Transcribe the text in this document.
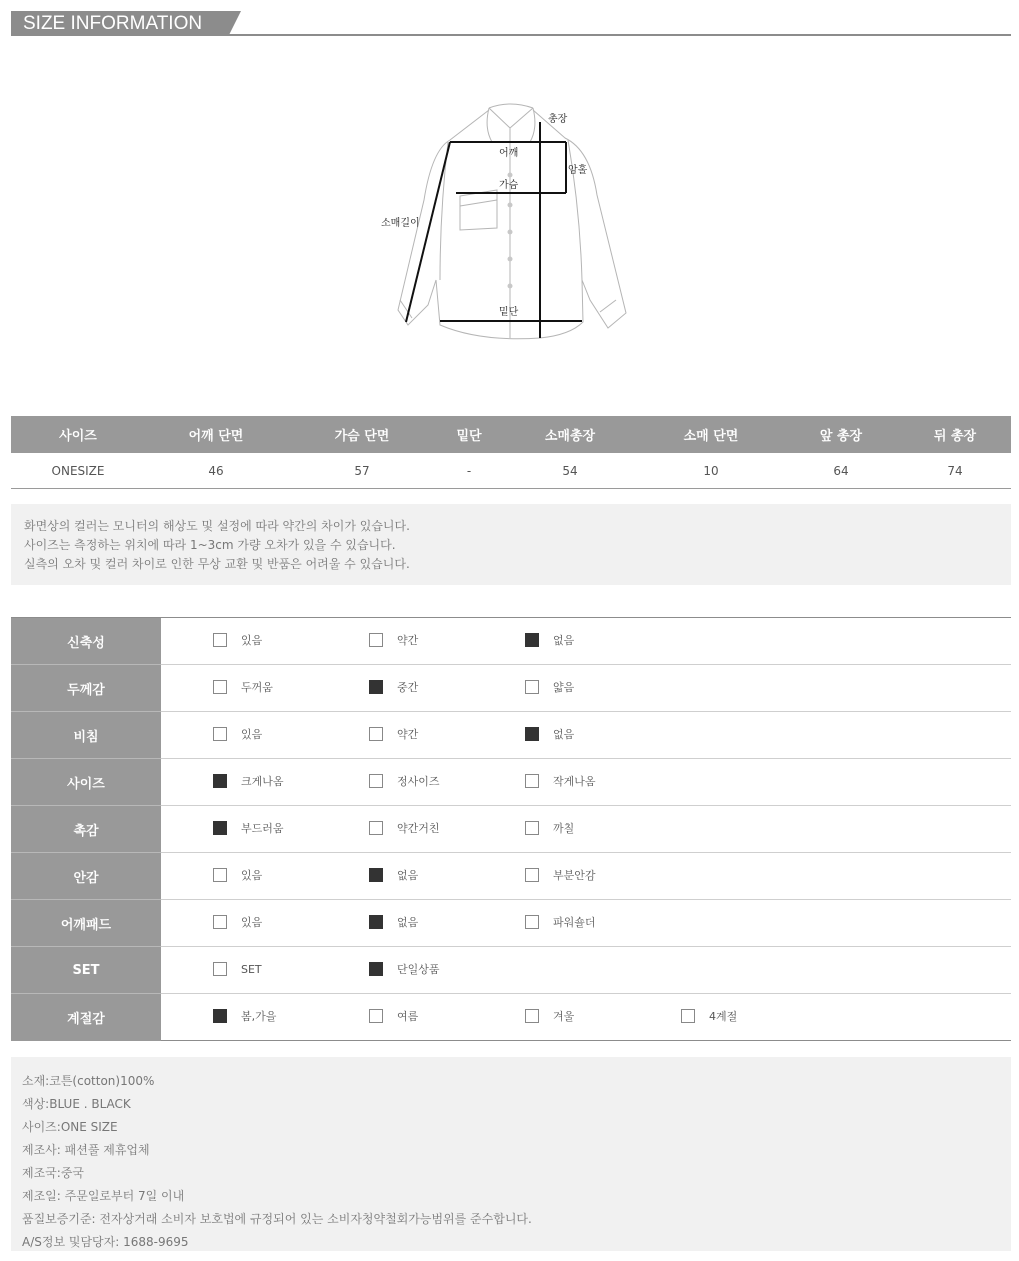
SIZE INFORMATION
총장
어깨
암홀
가슴
소매길이
밑단
사이즈	어깨 단면	가슴 단면	밑단	소매총장	소매 단면	앞 총장	뒤 총장
ONESIZE	46	57	-	54	10	64	74
화면상의 컬러는 모니터의 해상도 및 설정에 따라 약간의 차이가 있습니다.
사이즈는 측정하는 위치에 따라 1~3cm 가량 오차가 있을 수 있습니다.
실측의 오차 및 컬러 차이로 인한 무상 교환 및 반품은 어려울 수 있습니다.
신축성	있음 약간 없음

두께감	두꺼움 중간 얇음

비침	있음 약간 없음

사이즈	크게나옴 정사이즈 작게나옴

촉감	부드러움 약간거친 까칠

안감	있음 없음 부분안감

어깨패드	있음 없음 파워숄더

SET	SET 단일상품

계절감	봄,가을 여름 겨울 4계절
소재:코튼(cotton)100%
색상:BLUE . BLACK
사이즈:ONE SIZE
제조사: 패션풀 제휴업체
제조국:중국
제조일: 주문일로부터 7일 이내
품질보증기준: 전자상거래 소비자 보호법에 규정되어 있는 소비자청약철회가능범위를 준수합니다.
A/S정보 및담당자: 1688-9695
